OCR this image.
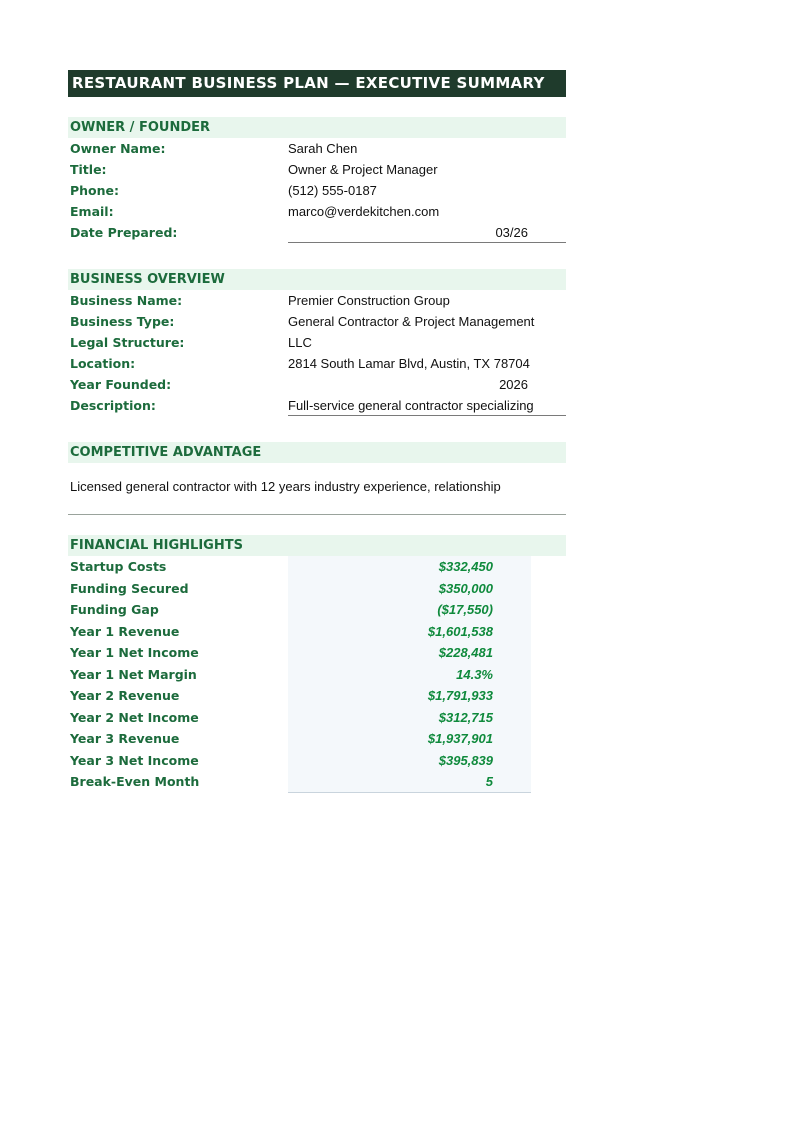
RESTAURANT BUSINESS PLAN — EXECUTIVE SUMMARY
OWNER / FOUNDER
Owner Name:	Sarah Chen
Title:	Owner & Project Manager
Phone:	(512) 555-0187
Email:	marco@verdekitchen.com
Date Prepared:	03/26
BUSINESS OVERVIEW
Business Name:	Premier Construction Group
Business Type:	General Contractor & Project Management
Legal Structure:	LLC
Location:	2814 South Lamar Blvd, Austin, TX 78704
Year Founded:	2026
Description:	Full-service general contractor specializing
COMPETITIVE ADVANTAGE
Licensed general contractor with 12 years industry experience, relationship
FINANCIAL HIGHLIGHTS
Startup Costs	$332,450
Funding Secured	$350,000
Funding Gap	($17,550)
Year 1 Revenue	$1,601,538
Year 1 Net Income	$228,481
Year 1 Net Margin	14.3%
Year 2 Revenue	$1,791,933
Year 2 Net Income	$312,715
Year 3 Revenue	$1,937,901
Year 3 Net Income	$395,839
Break-Even Month	5
